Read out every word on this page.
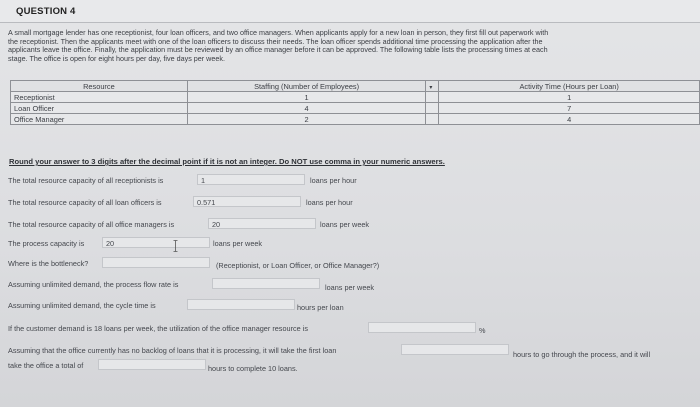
QUESTION 4
A small mortgage lender has one receptionist, four loan officers, and two office managers. When applicants apply for a new loan in person, they first fill out paperwork with
the receptionist. Then the applicants meet with one of the loan officers to discuss their needs. The loan officer spends additional time processing the application after the
applicants leave the office. Finally, the application must be reviewed by an office manager before it can be approved. The following table lists the processing times at each
stage. The office is open for eight hours per day, five days per week.
Resource	Staffing (Number of Employees)	▾	Activity Time (Hours per Loan)
Receptionist	1		1
Loan Officer	4		7
Office Manager	2		4
Round your answer to 3 digits after the decimal point if it is not an integer. Do NOT use comma in your numeric answers.
The total resource capacity of all receptionists is	1	loans per hour
The total resource capacity of all loan officers is	0.571	loans per hour
The total resource capacity of all office managers is	20	loans per week
The process capacity is	20	loans per week
Where is the bottleneck?	(Receptionist, or Loan Officer, or Office Manager?)
Assuming unlimited demand, the process flow rate is	loans per week
Assuming unlimited demand, the cycle time is	hours per loan
If the customer demand is 18 loans per week, the utilization of the office manager resource is	%
Assuming that the office currently has no backlog of loans that it is processing, it will take the first loan	hours to go through the process, and it will
take the office a total of	hours to complete 10 loans.
